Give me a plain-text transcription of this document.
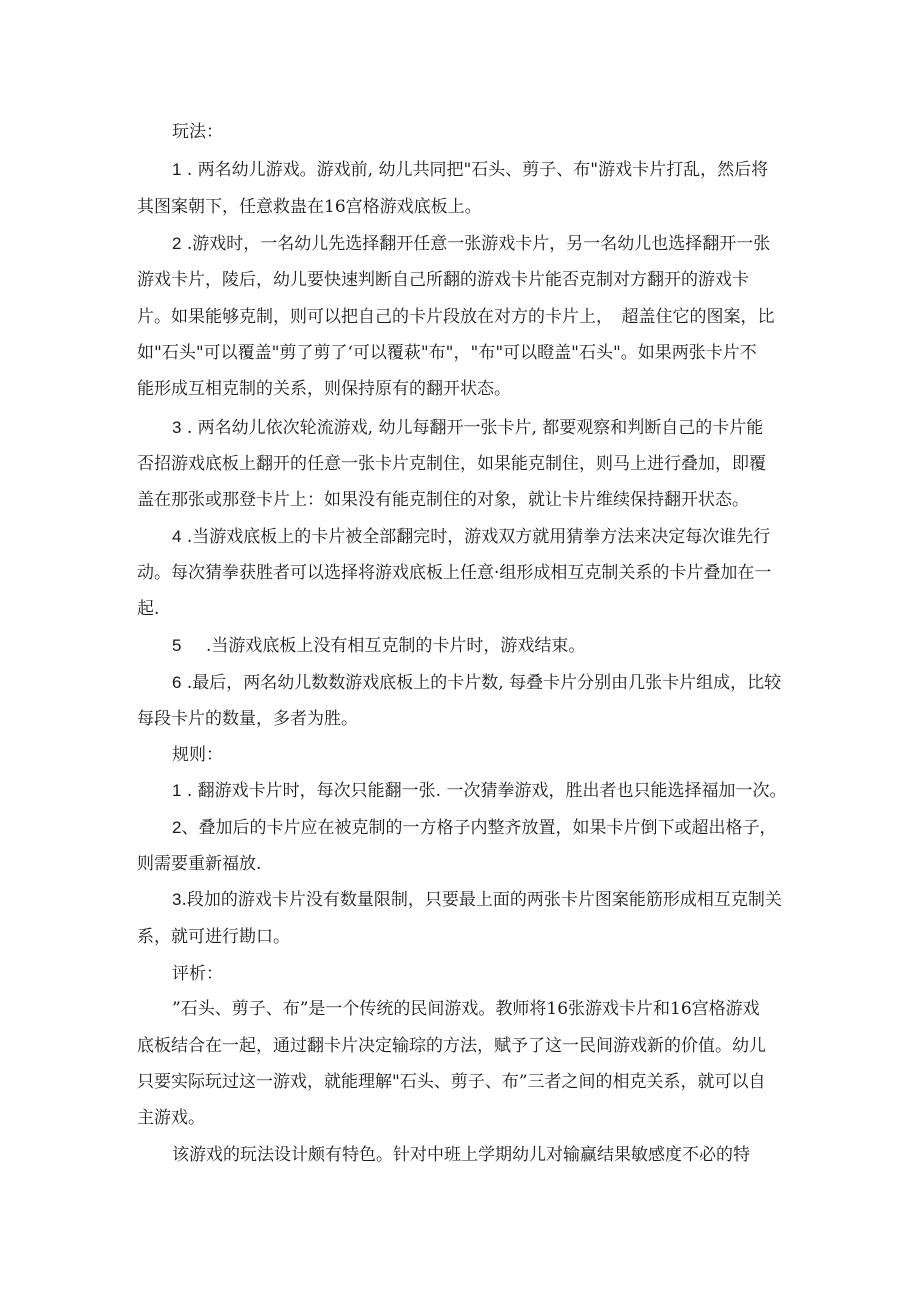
玩法：
1 . 两名幼儿游戏。游戏前, 幼儿共同把"石头、剪子、布"游戏卡片打乱，然后将
其图案朝下，任意救蛊在16宫格游戏底板上。
2 .游戏时，一名幼儿先选择翻开任意一张游戏卡片，另一名幼儿也选择翻开一张
游戏卡片，陵后，幼儿要快速判断自己所翻的游戏卡片能否克制对方翻开的游戏卡
片。如果能够克制，则可以把自己的卡片段放在对方的卡片上， 超盖住它的图案，比
如"石头"可以覆盖"剪了剪了‘可以覆萩"布"，"布"可以瞪盖"石头"。如果两张卡片不
能形成互相克制的关系，则保持原有的翻开状态。
3 . 两名幼儿依次轮流游戏, 幼儿每翻开一张卡片, 都要观察和判断自己的卡片能
否招游戏底板上翻开的任意一张卡片克制住，如果能克制住，则马上进行叠加，即覆
盖在那张或那登卡片上：如果没有能克制住的对象，就让卡片维续保持翻开状态。
4 .当游戏底板上的卡片被全部翻完时，游戏双方就用猜拳方法来决定每次谁先行
动。每次猜拳获胜者可以选择将游戏底板上任意·组形成相互克制关系的卡片叠加在一
起.
5 .当游戏底板上没有相互克制的卡片时，游戏结束。
6 .最后，两名幼儿数数游戏底板上的卡片数, 每叠卡片分别由几张卡片组成，比较
每段卡片的数量，多者为胜。
规则：
1 . 翻游戏卡片时，每次只能翻一张. 一次猜拳游戏，胜出者也只能选择福加一次。
2、叠加后的卡片应在被克制的一方格子内整齐放置，如果卡片倒下或超出格子，
则需要重新福放.
3.段加的游戏卡片没有数量限制，只要最上面的两张卡片图案能筋形成相互克制关
系，就可进行勘口。
评析：
”石头、剪子、布”是一个传统的民间游戏。教师将16张游戏卡片和16宫格游戏
底板结合在一起，通过翻卡片决定输琮的方法，赋予了这一民间游戏新的价值。幼儿
只要实际玩过这一游戏，就能理解"石头、剪子、布”三者之间的相克关系，就可以自
主游戏。
该游戏的玩法设计颇有特色。针对中班上学期幼儿对输赢结果敏感度不必的特
